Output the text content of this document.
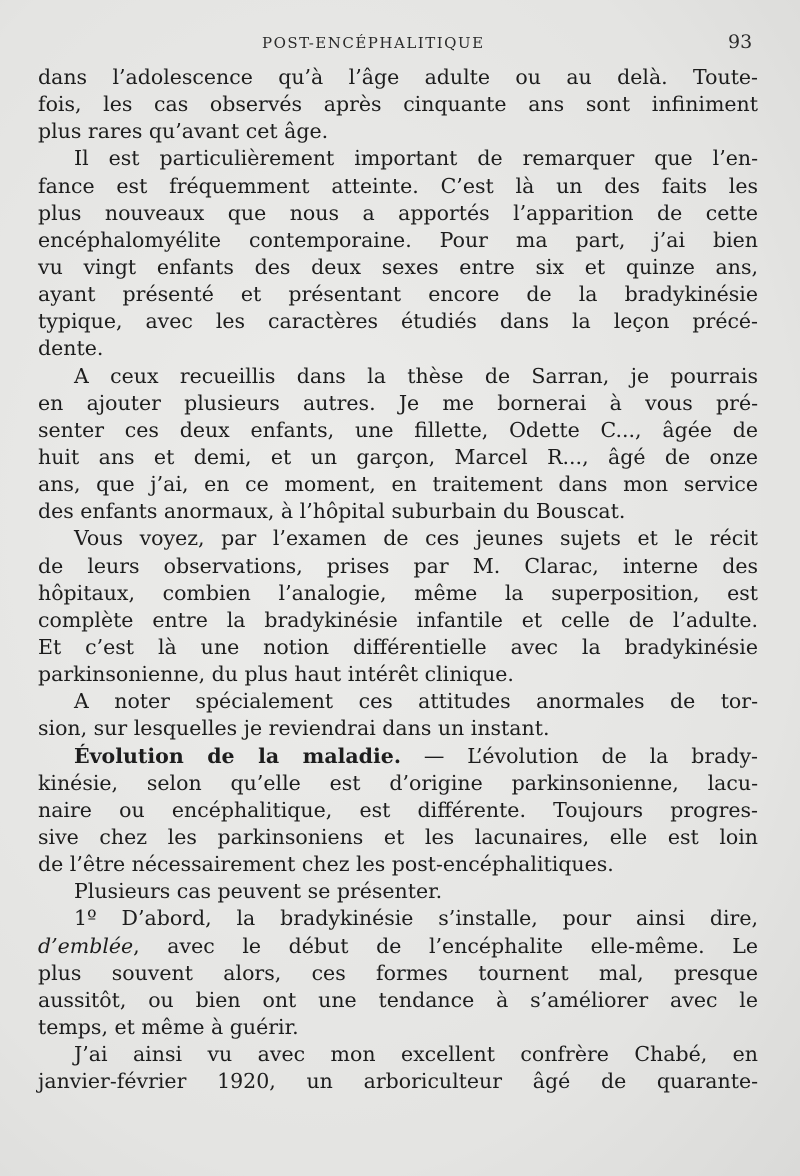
POST-ENCÉPHALITIQUE	93
dans l’adolescence qu’à l’âge adulte ou au delà. Toute-
fois, les cas observés après cinquante ans sont infiniment
plus rares qu’avant cet âge.
Il est particulièrement important de remarquer que l’en-
fance est fréquemment atteinte. C’est là un des faits les
plus nouveaux que nous a apportés l’apparition de cette
encéphalomyélite contemporaine. Pour ma part, j’ai bien
vu vingt enfants des deux sexes entre six et quinze ans,
ayant présenté et présentant encore de la bradykinésie
typique, avec les caractères étudiés dans la leçon précé-
dente.
A ceux recueillis dans la thèse de Sarran, je pourrais
en ajouter plusieurs autres. Je me bornerai à vous pré-
senter ces deux enfants, une fillette, Odette C..., âgée de
huit ans et demi, et un garçon, Marcel R..., âgé de onze
ans, que j’ai, en ce moment, en traitement dans mon service
des enfants anormaux, à l’hôpital suburbain du Bouscat.
Vous voyez, par l’examen de ces jeunes sujets et le récit
de leurs observations, prises par M. Clarac, interne des
hôpitaux, combien l’analogie, même la superposition, est
complète entre la bradykinésie infantile et celle de l’adulte.
Et c’est là une notion différentielle avec la bradykinésie
parkinsonienne, du plus haut intérêt clinique.
A noter spécialement ces attitudes anormales de tor-
sion, sur lesquelles je reviendrai dans un instant.
Évolution de la maladie. — L’évolution de la brady-
kinésie, selon qu’elle est d’origine parkinsonienne, lacu-
naire ou encéphalitique, est différente. Toujours progres-
sive chez les parkinsoniens et les lacunaires, elle est loin
de l’être nécessairement chez les post-encéphalitiques.
Plusieurs cas peuvent se présenter.
1º D’abord, la bradykinésie s’installe, pour ainsi dire,
d’emblée, avec le début de l’encéphalite elle-même. Le
plus souvent alors, ces formes tournent mal, presque
aussitôt, ou bien ont une tendance à s’améliorer avec le
temps, et même à guérir.
J’ai ainsi vu avec mon excellent confrère Chabé, en
janvier-février 1920, un arboriculteur âgé de quarante-
